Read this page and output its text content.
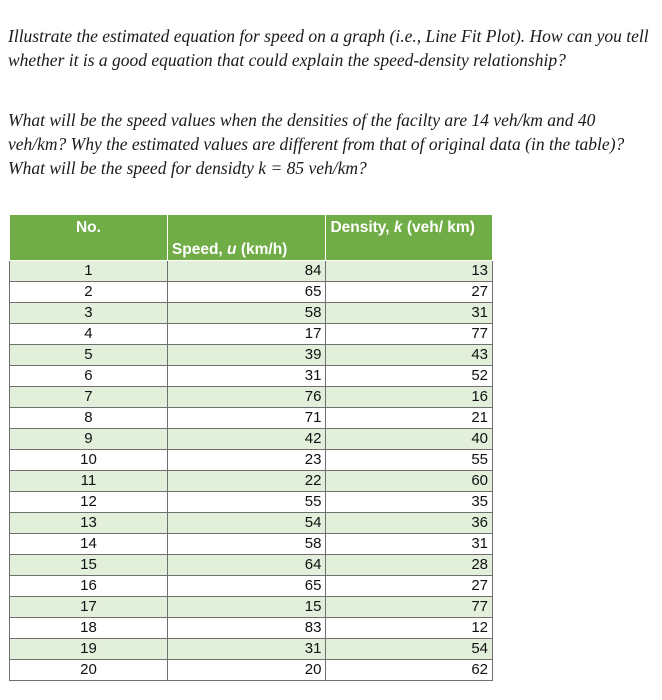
Illustrate the estimated equation for speed on a graph (i.e., Line Fit Plot). How can you tell whether it is a good equation that could explain the speed-density relationship?

What will be the speed values when the densities of the facilty are 14 veh/km and 40 veh/km? Why the estimated values are different from that of original data (in the table)? What will be the speed for densidty k = 85 veh/km?

No.	Speed, u (km/h)	Density, k (veh/ km)
1	84	13
2	65	27
3	58	31
4	17	77
5	39	43
6	31	52
7	76	16
8	71	21
9	42	40
10	23	55
11	22	60
12	55	35
13	54	36
14	58	31
15	64	28
16	65	27
17	15	77
18	83	12
19	31	54
20	20	62
